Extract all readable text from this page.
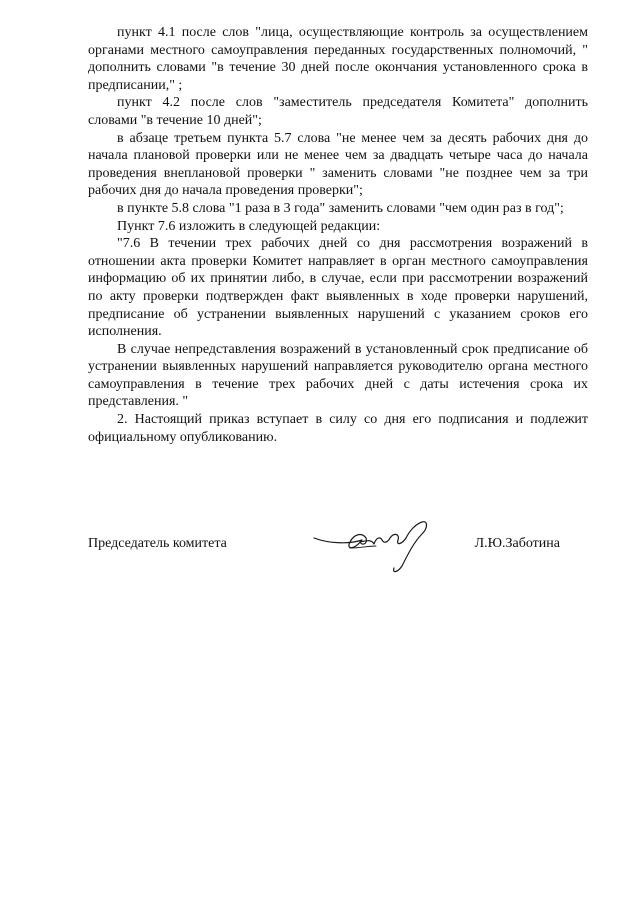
пункт 4.1 после слов "лица, осуществляющие контроль за осуществлением органами местного самоуправления переданных государственных полномочий, " дополнить словами "в течение 30 дней после окончания установленного срока в предписании," ;

пункт 4.2 после слов "заместитель председателя Комитета" дополнить словами "в течение 10 дней";

в абзаце третьем пункта 5.7 слова "не менее чем за десять рабочих дня до начала плановой проверки или не менее чем за двадцать четыре часа до начала проведения внеплановой проверки " заменить словами "не позднее чем за три рабочих дня до начала проведения проверки";

в пункте 5.8 слова "1 раза в 3 года" заменить словами "чем один раз в год";

Пункт 7.6 изложить в следующей редакции:

"7.6 В течении трех рабочих дней со дня рассмотрения возражений в отношении акта проверки Комитет направляет в орган местного самоуправления информацию об их принятии либо, в случае, если при рассмотрении возражений по акту проверки подтвержден факт выявленных в ходе проверки нарушений, предписание об устранении выявленных нарушений с указанием сроков его исполнения.

В случае непредставления возражений в установленный срок предписание об устранении выявленных нарушений направляется руководителю органа местного самоуправления в течение трех рабочих дней с даты истечения срока их представления. "

2. Настоящий приказ вступает в силу со дня его подписания и подлежит официальному опубликованию.

Председатель комитета	Л.Ю.Заботина
